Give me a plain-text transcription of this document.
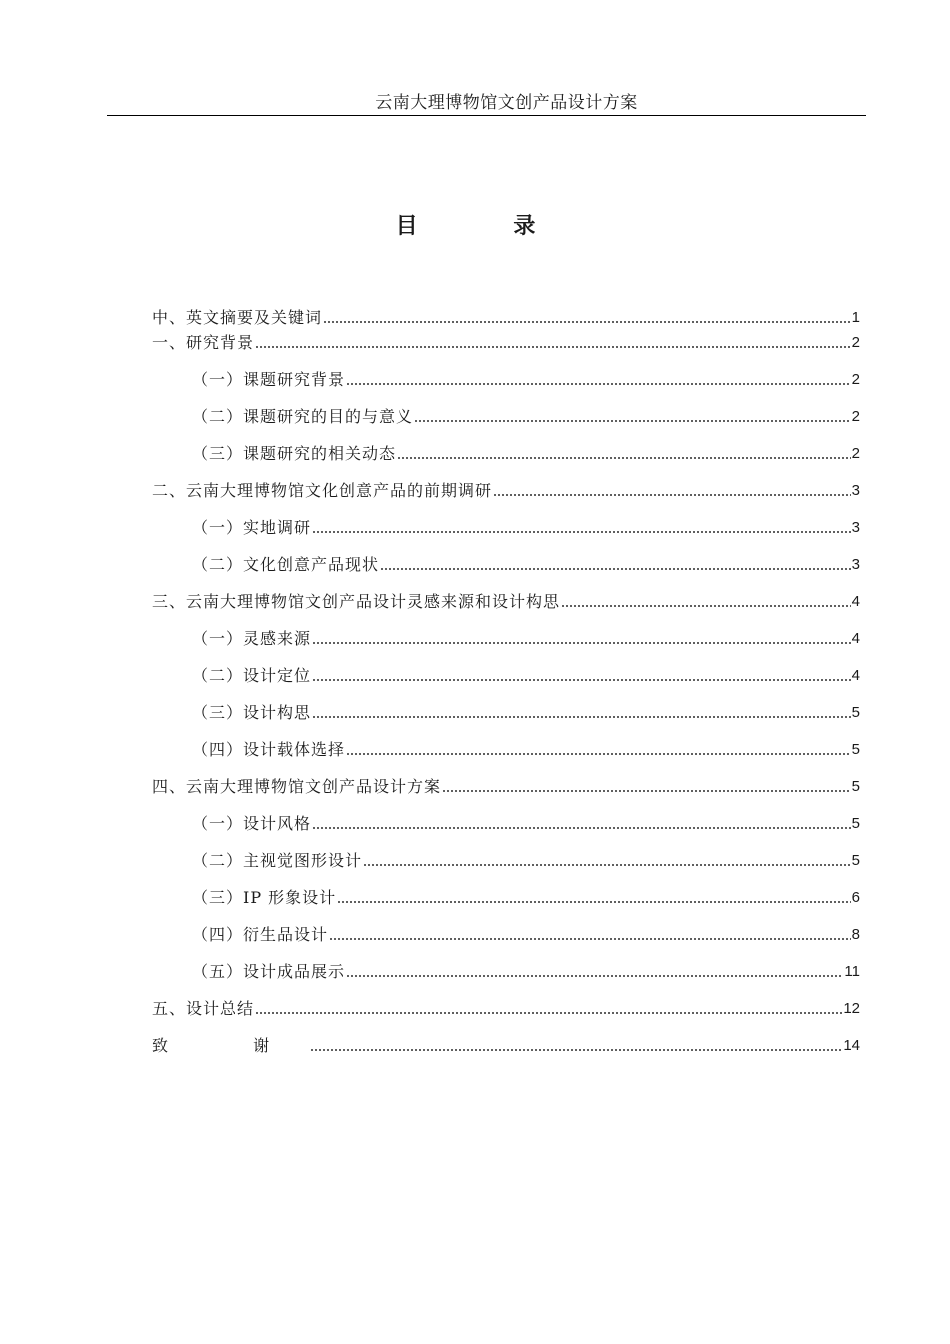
云南大理博物馆文创产品设计方案
目 录
中、英文摘要及关键词	1
一、研究背景	2
（一）课题研究背景	2
（二）课题研究的目的与意义	2
（三）课题研究的相关动态	2
二、云南大理博物馆文化创意产品的前期调研	3
（一）实地调研	3
（二）文化创意产品现状	3
三、云南大理博物馆文创产品设计灵感来源和设计构思	4
（一）灵感来源	4
（二）设计定位	4
（三）设计构思	5
（四）设计载体选择	5
四、云南大理博物馆文创产品设计方案	5
（一）设计风格	5
（二）主视觉图形设计	5
（三）IP 形象设计	6
（四）衍生品设计	8
（五）设计成品展示	11
五、设计总结	12
致 谢	14
